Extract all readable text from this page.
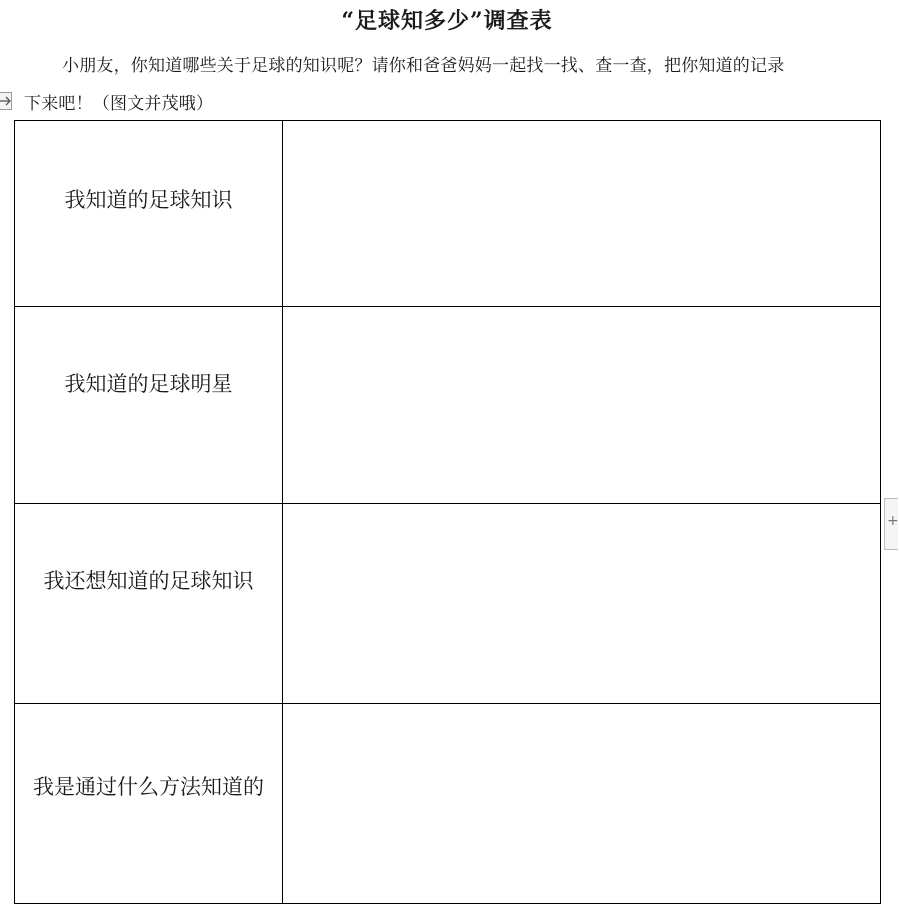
“足球知多少”调查表
小朋友，你知道哪些关于足球的知识呢？请你和爸爸妈妈一起找一找、查一查，把你知道的记录
下来吧！（图文并茂哦）
我知道的足球知识	
我知道的足球明星	
我还想知道的足球知识	
我是通过什么方法知道的	
+
